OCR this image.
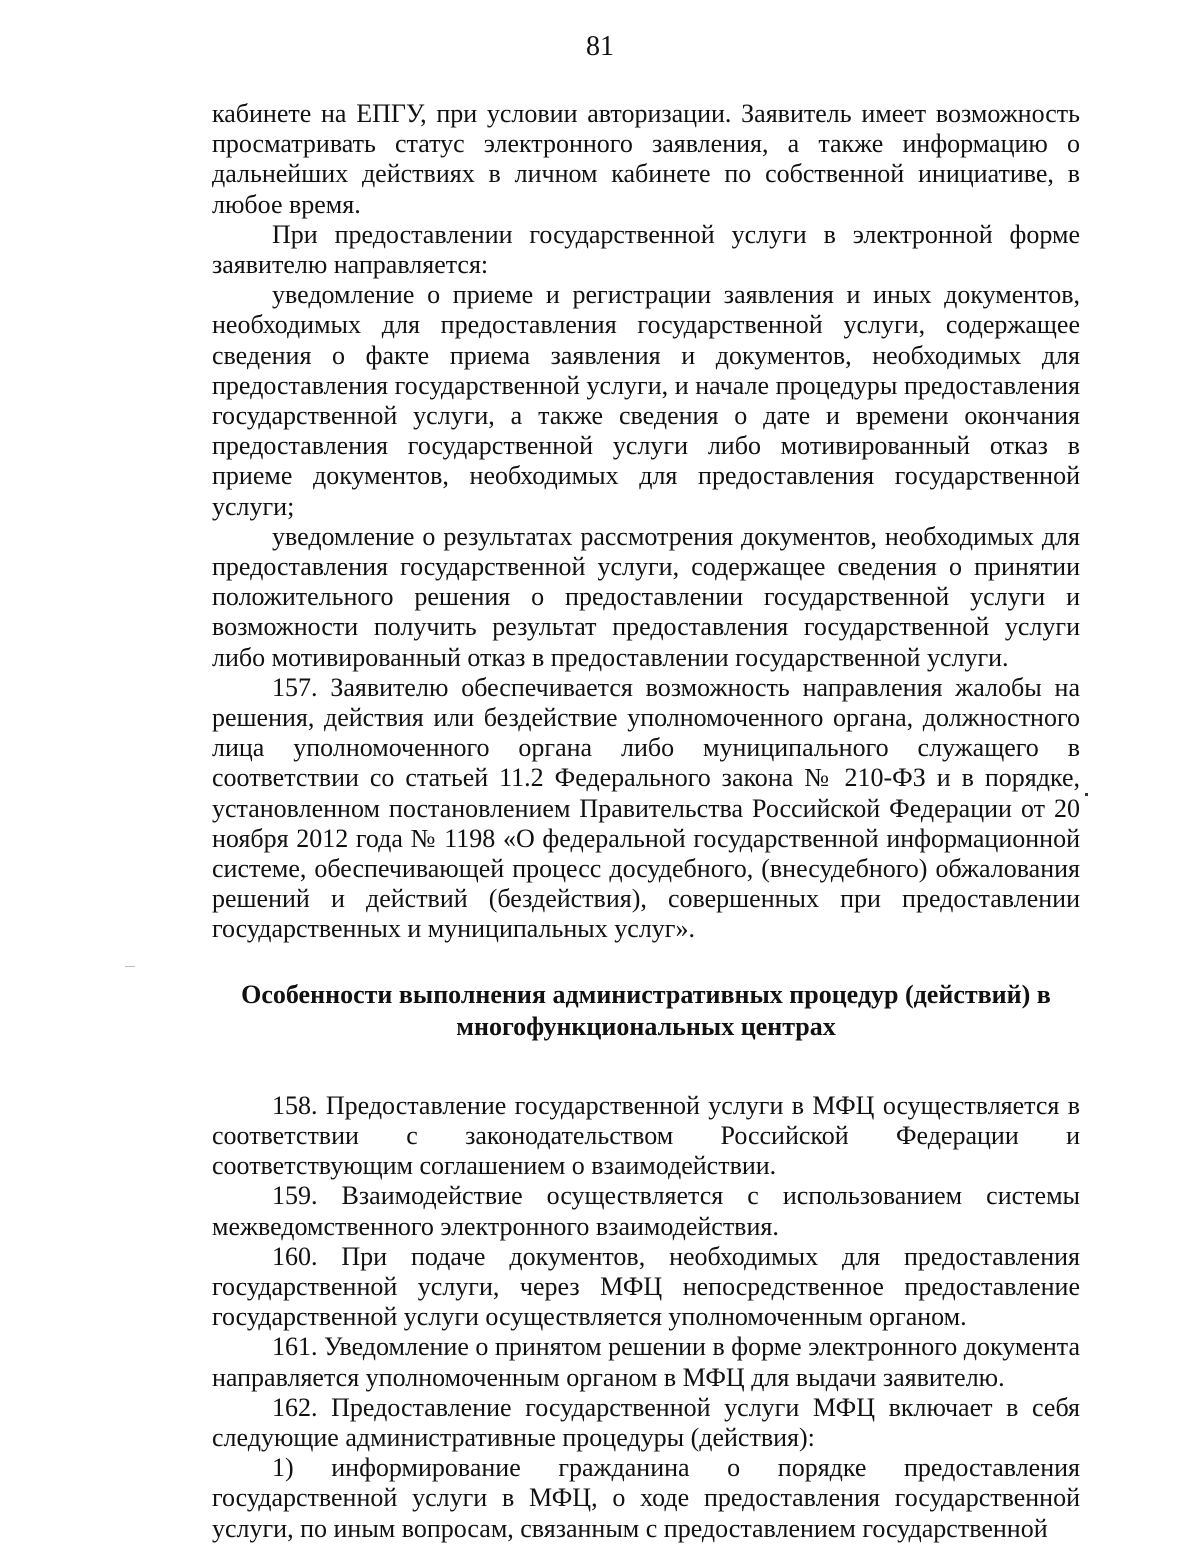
81

кабинете на ЕПГУ, при условии авторизации. Заявитель имеет возможность просматривать статус электронного заявления, а также информацию о дальнейших действиях в личном кабинете по собственной инициативе, в любое время.

При предоставлении государственной услуги в электронной форме заявителю направляется:

уведомление о приеме и регистрации заявления и иных документов, необходимых для предоставления государственной услуги, содержащее сведения о факте приема заявления и документов, необходимых для предоставления государственной услуги, и начале процедуры предоставления государственной услуги, а также сведения о дате и времени окончания предоставления государственной услуги либо мотивированный отказ в приеме документов, необходимых для предоставления государственной услуги;

уведомление о результатах рассмотрения документов, необходимых для предоставления государственной услуги, содержащее сведения о принятии положительного решения о предоставлении государственной услуги и возможности получить результат предоставления государственной услуги либо мотивированный отказ в предоставлении государственной услуги.

157. Заявителю обеспечивается возможность направления жалобы на решения, действия или бездействие уполномоченного органа, должностного лица уполномоченного органа либо муниципального служащего в соответствии со статьей 11.2 Федерального закона № 210-ФЗ и в порядке, установленном постановлением Правительства Российской Федерации от 20 ноября 2012 года № 1198 «О федеральной государственной информационной системе, обеспечивающей процесс досудебного, (внесудебного) обжалования решений и действий (бездействия), совершенных при предоставлении государственных и муниципальных услуг».

Особенности выполнения административных процедур (действий) в
многофункциональных центрах

158. Предоставление государственной услуги в МФЦ осуществляется в соответствии с законодательством Российской Федерации и соответствующим соглашением о взаимодействии.

159. Взаимодействие осуществляется с использованием системы межведомственного электронного взаимодействия.

160. При подаче документов, необходимых для предоставления государственной услуги, через МФЦ непосредственное предоставление государственной услуги осуществляется уполномоченным органом.

161. Уведомление о принятом решении в форме электронного документа направляется уполномоченным органом в МФЦ для выдачи заявителю.

162. Предоставление государственной услуги МФЦ включает в себя следующие административные процедуры (действия):

1) информирование гражданина о порядке предоставления государственной услуги в МФЦ, о ходе предоставления государственной услуги, по иным вопросам, связанным с предоставлением государственной
